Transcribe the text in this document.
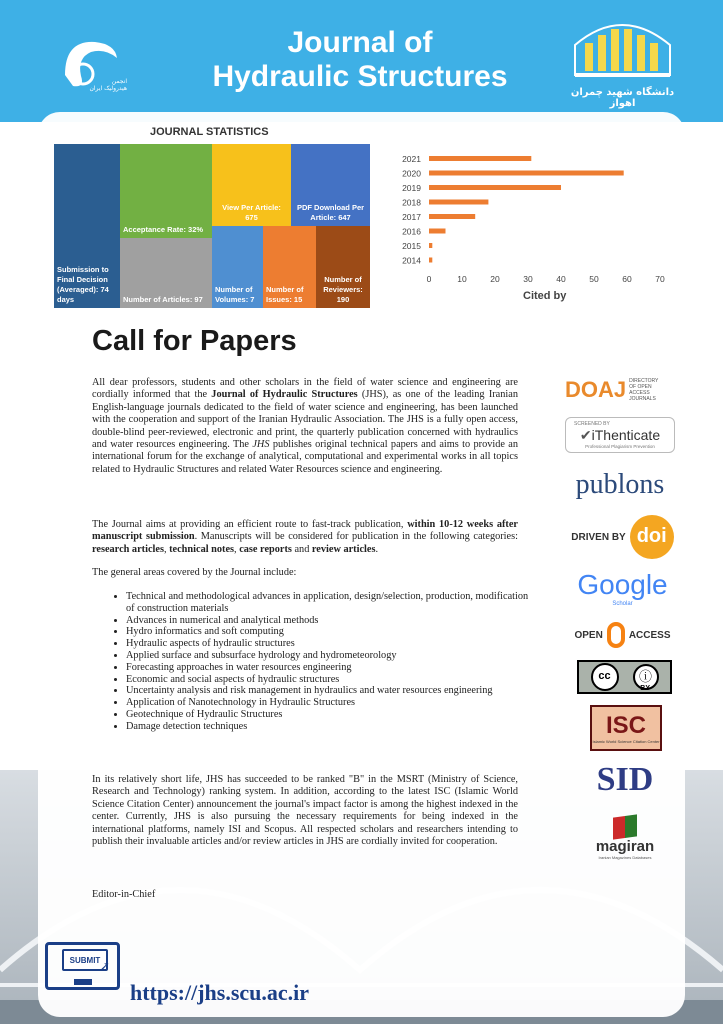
Journal of
Hydraulic Structures
انجمن هیدرولیک ایران	دانشگاه شهید چمران اهواز
JOURNAL STATISTICS
Submission to Final Decision (Averaged): 74 days
Acceptance Rate: 32%
Number of Articles: 97
View Per Article: 675
Number of Volumes: 7
PDF Download Per Article: 647
Number of Issues: 15
Number of Reviewers: 190
2021
2020
2019
2018
2017
2016
2015
2014
0	10	20	30	40	50	60	70
Cited by
Call for Papers
All dear professors, students and other scholars in the field of water science and engineering are cordially informed that the Journal of Hydraulic Structures (JHS), as one of the leading Iranian English-language journals dedicated to the field of water science and engineering, has been launched with the cooperation and support of the Iranian Hydraulic Association. The JHS is a fully open access, double-blind peer-reviewed, electronic and print, the quarterly publication concerned with hydraulics and water resources engineering. The JHS publishes original technical papers and aims to provide an international forum for the exchange of analytical, computational and experimental works in all topics related to Hydraulic Structures and related Water Resources science and engineering.
The Journal aims at providing an efficient route to fast-track publication, within 10-12 weeks after manuscript submission. Manuscripts will be considered for publication in the following categories: research articles, technical notes, case reports and review articles.
The general areas covered by the Journal include:
• Technical and methodological advances in application, design/selection, production, modification of construction materials
• Advances in numerical and analytical methods
• Hydro informatics and soft computing
• Hydraulic aspects of hydraulic structures
• Applied surface and subsurface hydrology and hydrometeorology
• Forecasting approaches in water resources engineering
• Economic and social aspects of hydraulic structures
• Uncertainty analysis and risk management in hydraulics and water resources engineering
• Application of Nanotechnology in Hydraulic Structures
• Geotechnique of Hydraulic Structures
• Damage detection techniques
In its relatively short life, JHS has succeeded to be ranked "B" in the MSRT (Ministry of Science, Research and Technology) ranking system. In addition, according to the latest ISC (Islamic World Science Citation Center) announcement the journal's impact factor is among the highest indexed in the center. Currently, JHS is also pursuing the necessary requirements for being indexed in the international platforms, namely ISI and Scopus. All respected scholars and researchers intending to publish their invaluable articles and/or review articles in JHS are cordially invited for cooperation.
Editor-in-Chief
DOAJ DIRECTORY OF OPEN ACCESS JOURNALS
SCREENED BY
✔iThenticate
Professional Plagiarism Prevention
publons
DRIVEN BY doi
Google
Scholar
OPEN	ACCESS
cc	ⓘ
BY
ISC
Islamic World Science Citation Center
SID
magiran
Iranian Magazines Databases
SUBMIT ➚
https://jhs.scu.ac.ir
